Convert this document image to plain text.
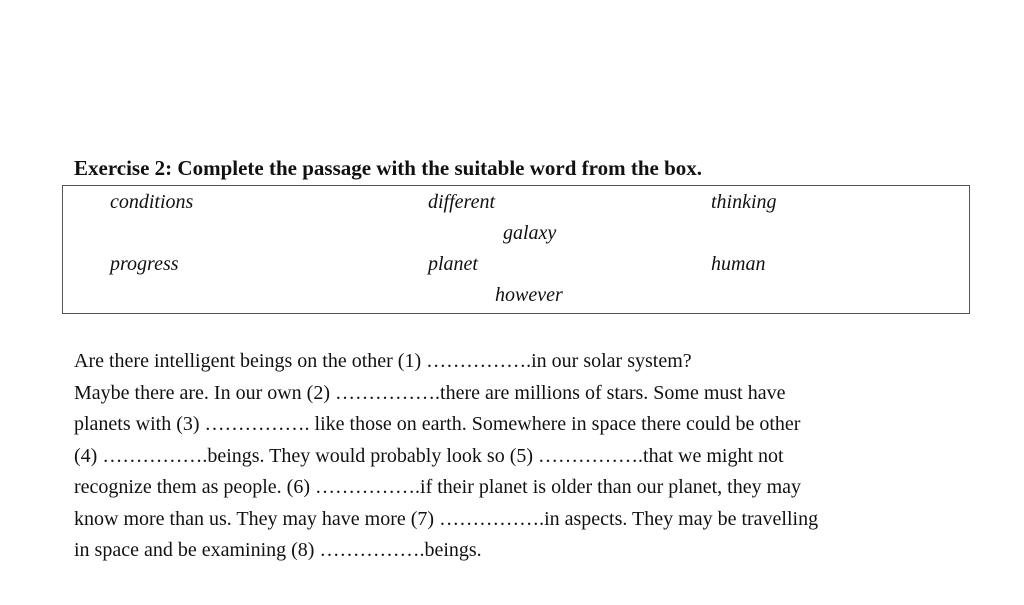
Exercise 2: Complete the passage with the suitable word from the box.
conditions	different	thinking
galaxy
progress	planet	human
however
Are there intelligent beings on the other (1) …………….in our solar system?
Maybe there are. In our own (2) …………….there are millions of stars. Some must have
planets with (3) ……………. like those on earth. Somewhere in space there could be other
(4) …………….beings. They would probably look so (5) …………….that we might not
recognize them as people. (6) …………….if their planet is older than our planet, they may
know more than us. They may have more (7) …………….in aspects. They may be travelling
in space and be examining (8) …………….beings.
